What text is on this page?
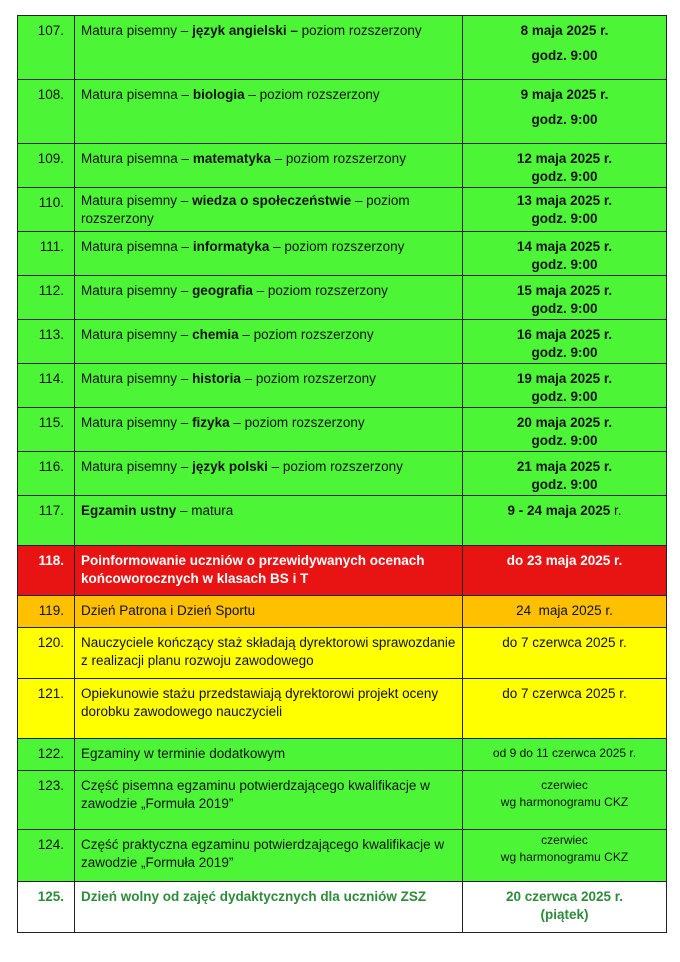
107.	Matura pisemny – język angielski – poziom rozszerzony	8 maja 2025 r.
godz. 9:00

108.	Matura pisemna – biologia – poziom rozszerzony	9 maja 2025 r.
godz. 9:00

109.	Matura pisemna – matematyka – poziom rozszerzony	12 maja 2025 r.
godz. 9:00

110.	Matura pisemny – wiedza o społeczeństwie – poziom rozszerzony	13 maja 2025 r.
godz. 9:00

111.	Matura pisemna – informatyka – poziom rozszerzony	14 maja 2025 r.
godz. 9:00

112.	Matura pisemny – geografia – poziom rozszerzony	15 maja 2025 r.
godz. 9:00

113.	Matura pisemny – chemia – poziom rozszerzony	16 maja 2025 r.
godz. 9:00

114.	Matura pisemny – historia – poziom rozszerzony	19 maja 2025 r.
godz. 9:00

115.	Matura pisemny – fizyka – poziom rozszerzony	20 maja 2025 r.
godz. 9:00

116.	Matura pisemny – język polski – poziom rozszerzony	21 maja 2025 r.
godz. 9:00

117.	Egzamin ustny – matura	9 - 24 maja 2025 r.
118.	Poinformowanie uczniów o przewidywanych ocenach końcoworocznych w klasach BS i T	do 23 maja 2025 r.
119.	Dzień Patrona i Dzień Sportu	24  maja 2025 r.
120.	Nauczyciele kończący staż składają dyrektorowi sprawozdanie z realizacji planu rozwoju zawodowego	do 7 czerwca 2025 r.
121.	Opiekunowie stażu przedstawiają dyrektorowi projekt oceny dorobku zawodowego nauczycieli	do 7 czerwca 2025 r.
122.	Egzaminy w terminie dodatkowym	od 9 do 11 czerwca 2025 r.
123.	Część pisemna egzaminu potwierdzającego kwalifikacje w zawodzie „Formuła 2019”	czerwiec
wg harmonogramu CKZ

124.	Część praktyczna egzaminu potwierdzającego kwalifikacje w zawodzie „Formuła 2019”	czerwiec
wg harmonogramu CKZ

125.	Dzień wolny od zajęć dydaktycznych dla uczniów ZSZ	20 czerwca 2025 r.
(piątek)
